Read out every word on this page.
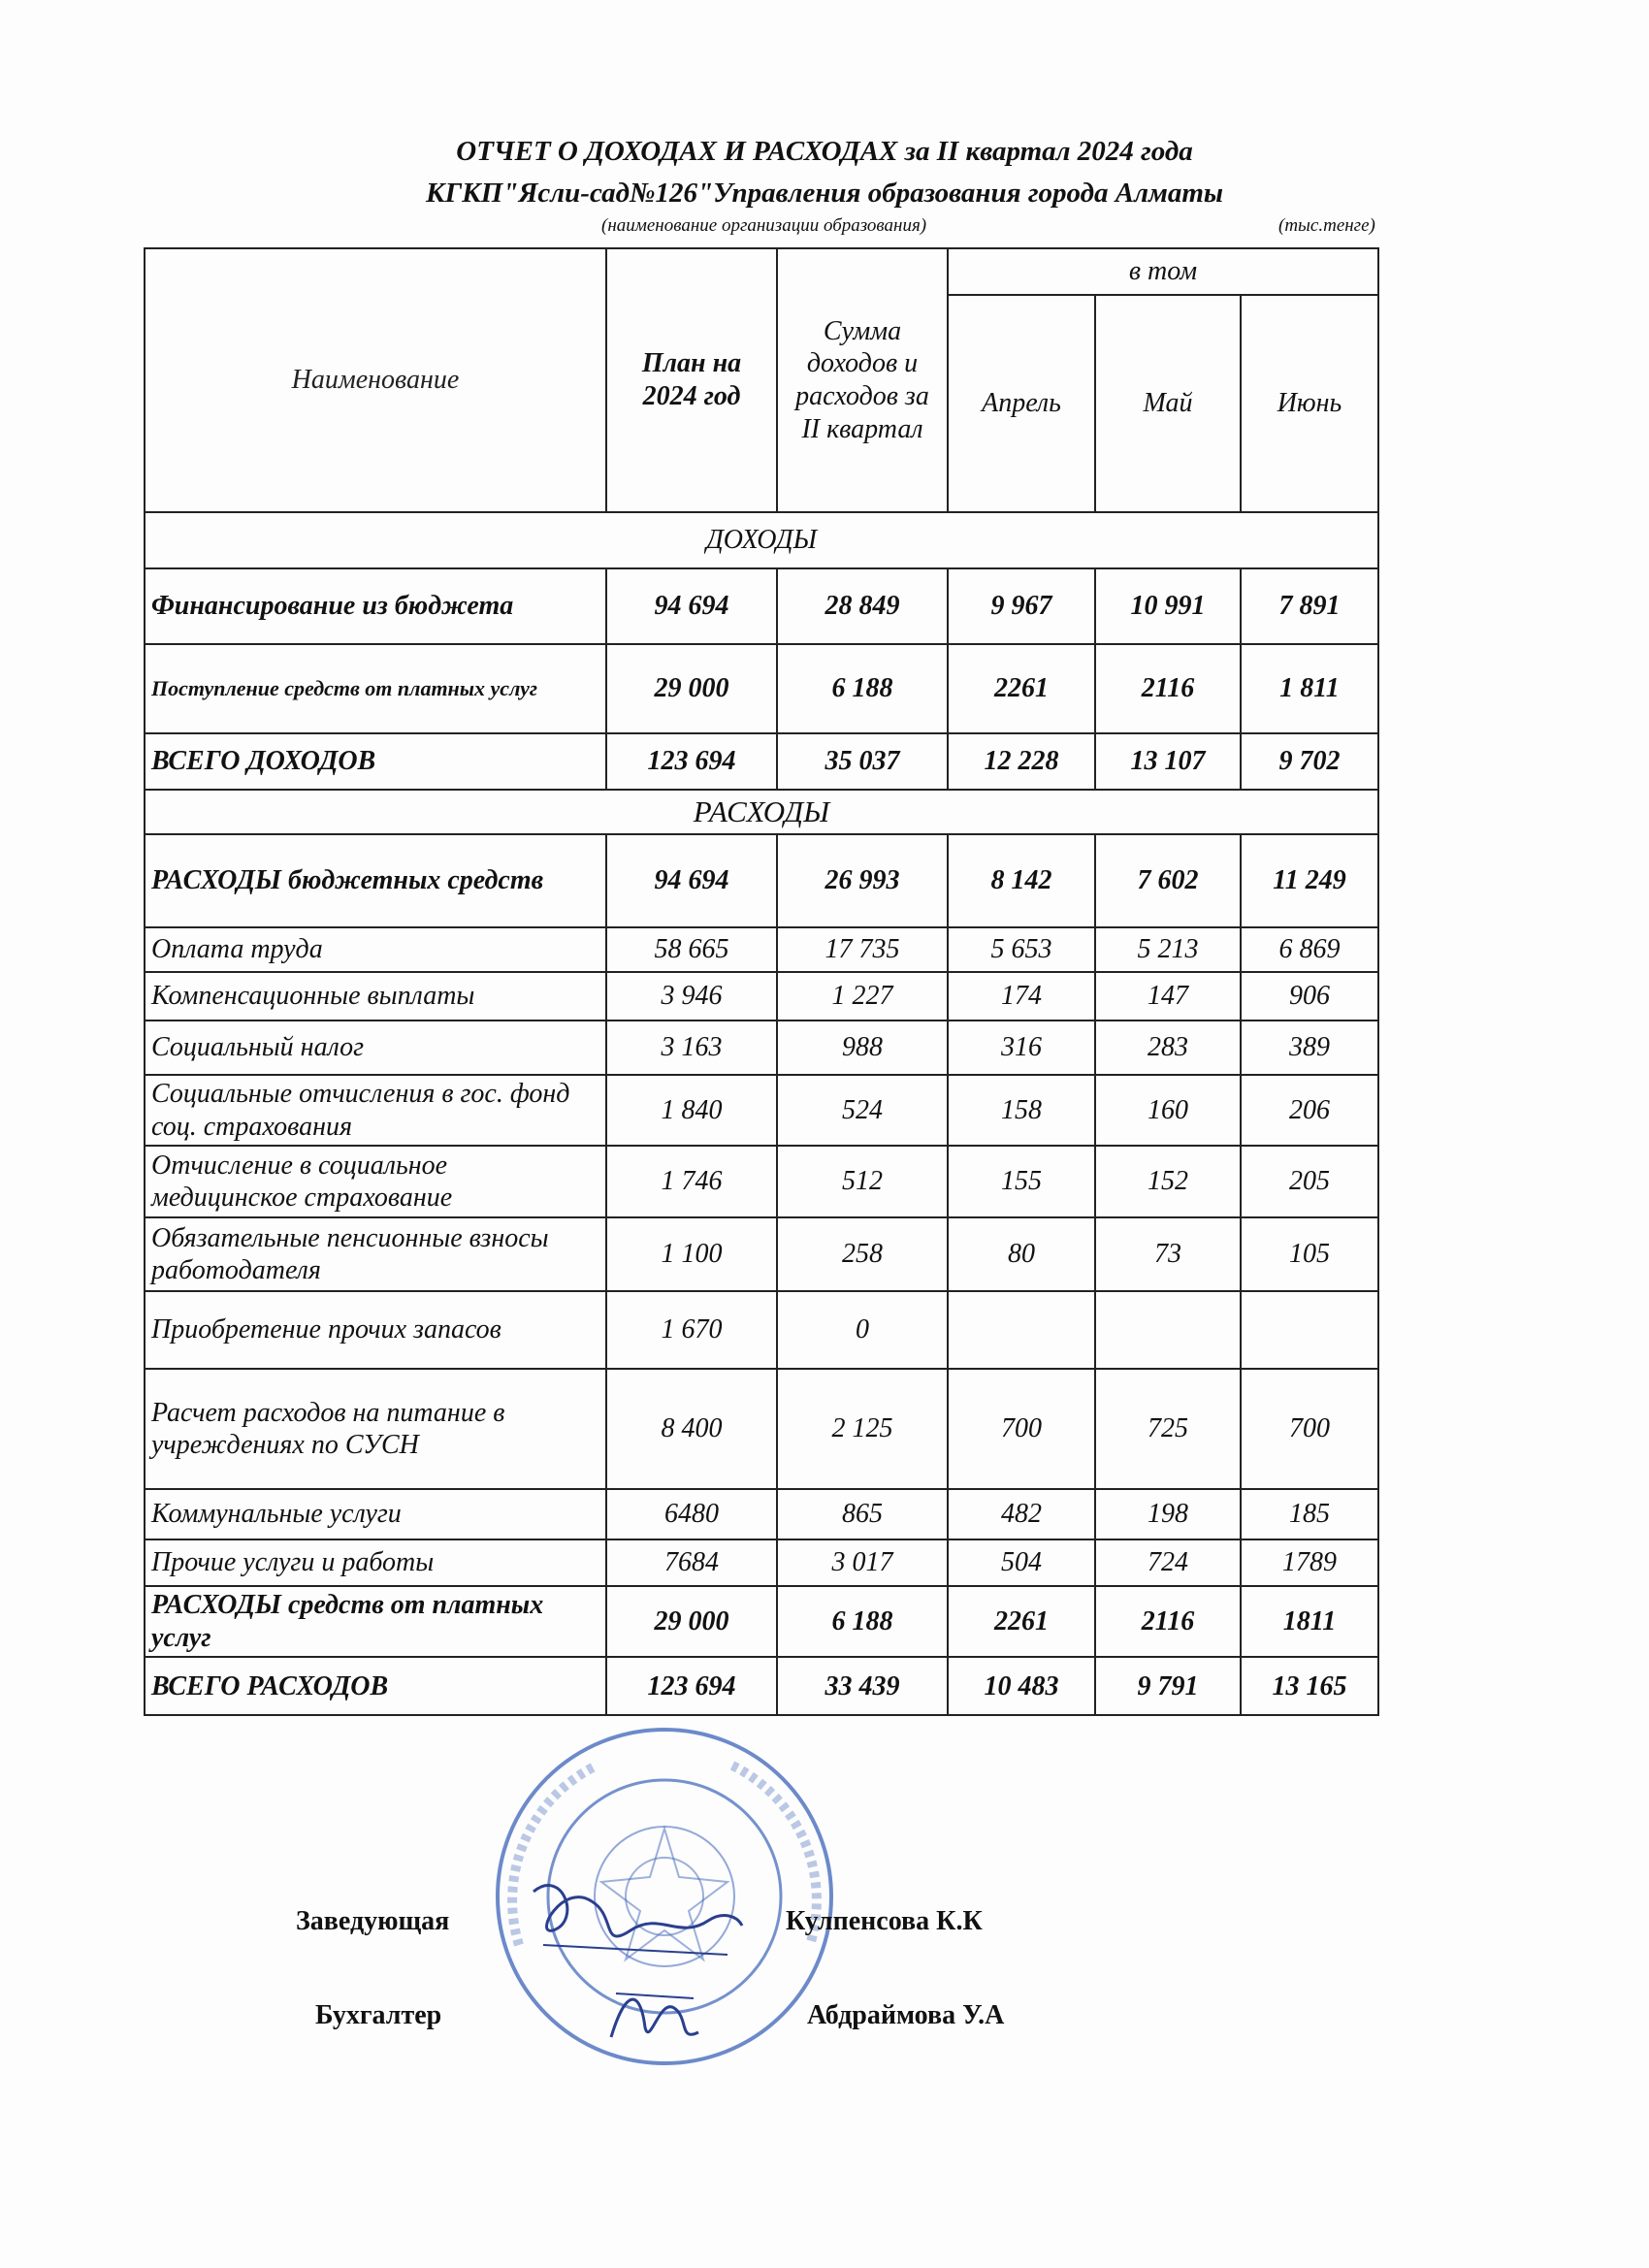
ОТЧЕТ О ДОХОДАХ И РАСХОДАХ за II квартал 2024 года
КГКП"Ясли-сад№126"Управления образования города Алматы
(наименование организации образования)	(тыс.тенге)
Наименование	План на 2024 год	Сумма доходов и расходов за II квартал	в том		
			Апрель	Май	Июнь
ДОХОДЫ					
Финансирование из бюджета	94 694	28 849	9 967	10 991	7 891
Поступление средств от платных услуг	29 000	6 188	2261	2116	1 811
ВСЕГО ДОХОДОВ	123 694	35 037	12 228	13 107	9 702
РАСХОДЫ					
РАСХОДЫ бюджетных средств	94 694	26 993	8 142	7 602	11 249
Оплата труда	58 665	17 735	5 653	5 213	6 869
Компенсационные выплаты	3 946	1 227	174	147	906
Социальный налог	3 163	988	316	283	389
Социальные отчисления в гос. фонд соц. страхования	1 840	524	158	160	206
Отчисление в социальное медицинское страхование	1 746	512	155	152	205
Обязательные пенсионные взносы работодателя	1 100	258	80	73	105
Приобретение прочих запасов	1 670	0			
Расчет расходов на питание в учреждениях по СУСН	8 400	2 125	700	725	700
Коммунальные услуги	6480	865	482	198	185
Прочие услуги и работы	7684	3 017	504	724	1789
РАСХОДЫ средств от платных услуг	29 000	6 188	2261	2116	1811
ВСЕГО РАСХОДОВ	123 694	33 439	10 483	9 791	13 165
Заведующая	Кулпенсова К.К
Бухгалтер	Абдраймова У.А
